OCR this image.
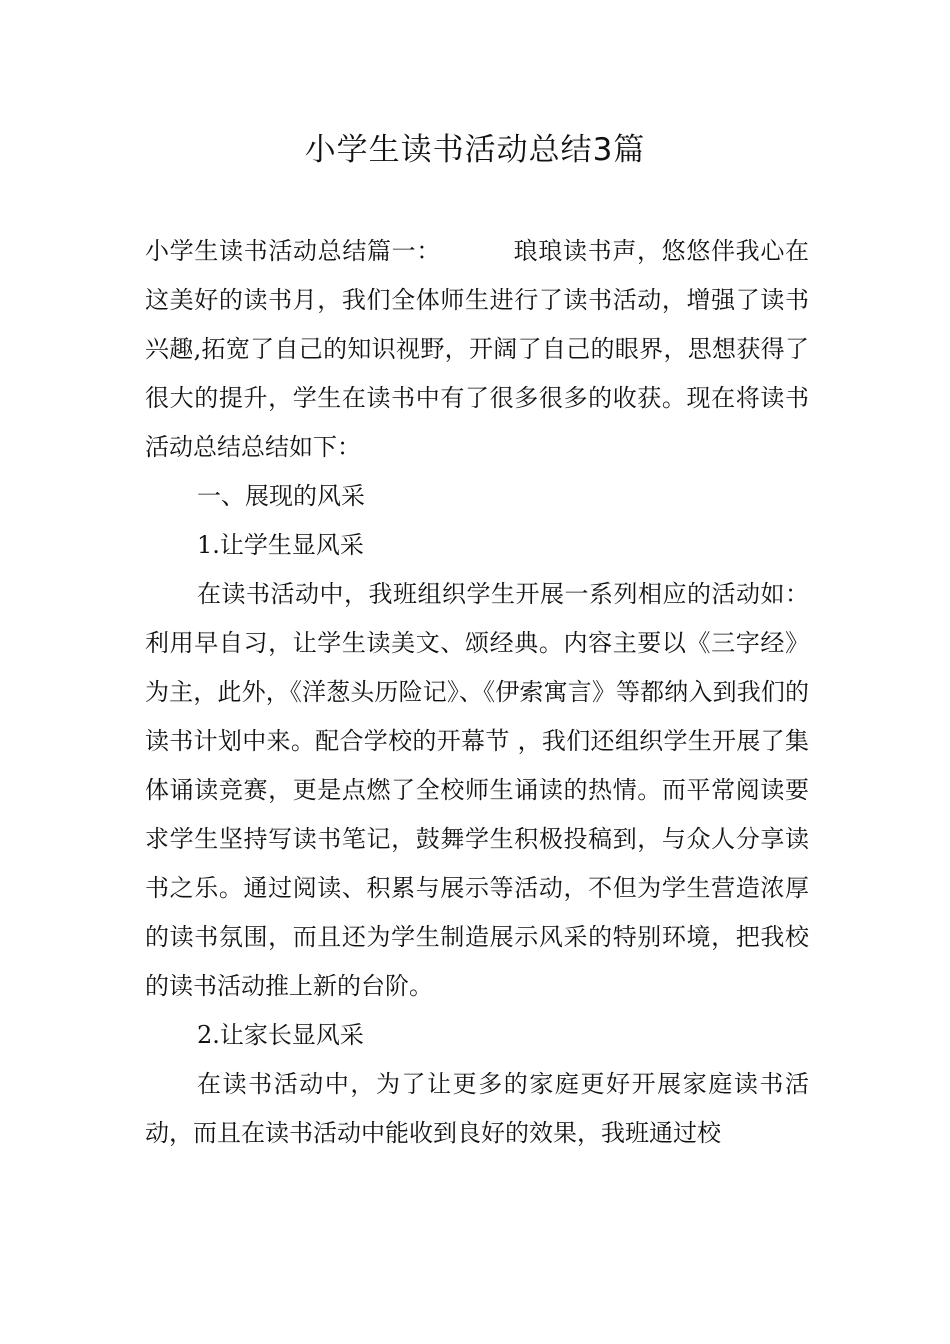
小学生读书活动总结3篇

小学生读书活动总结篇一：	琅琅读书声，悠悠伴我心在这美好的读书月，我们全体师生进行了读书活动，增强了读书兴趣,拓宽了自己的知识视野，开阔了自己的眼界，思想获得了很大的提升，学生在读书中有了很多很多的收获。现在将读书活动总结总结如下：

一、展现的风采

1.让学生显风采

在读书活动中，我班组织学生开展一系列相应的活动如：利用早自习，让学生读美文、颂经典。内容主要以《三字经》为主，此外，《洋葱头历险记》、《伊索寓言》等都纳入到我们的读书计划中来。配合学校的开幕节 ，我们还组织学生开展了集体诵读竞赛，更是点燃了全校师生诵读的热情。而平常阅读要求学生坚持写读书笔记，鼓舞学生积极投稿到，与众人分享读书之乐。通过阅读、积累与展示等活动，不但为学生营造浓厚的读书氛围，而且还为学生制造展示风采的特别环境，把我校的读书活动推上新的台阶。

2.让家长显风采

在读书活动中，为了让更多的家庭更好开展家庭读书活动，而且在读书活动中能收到良好的效果，我班通过校
